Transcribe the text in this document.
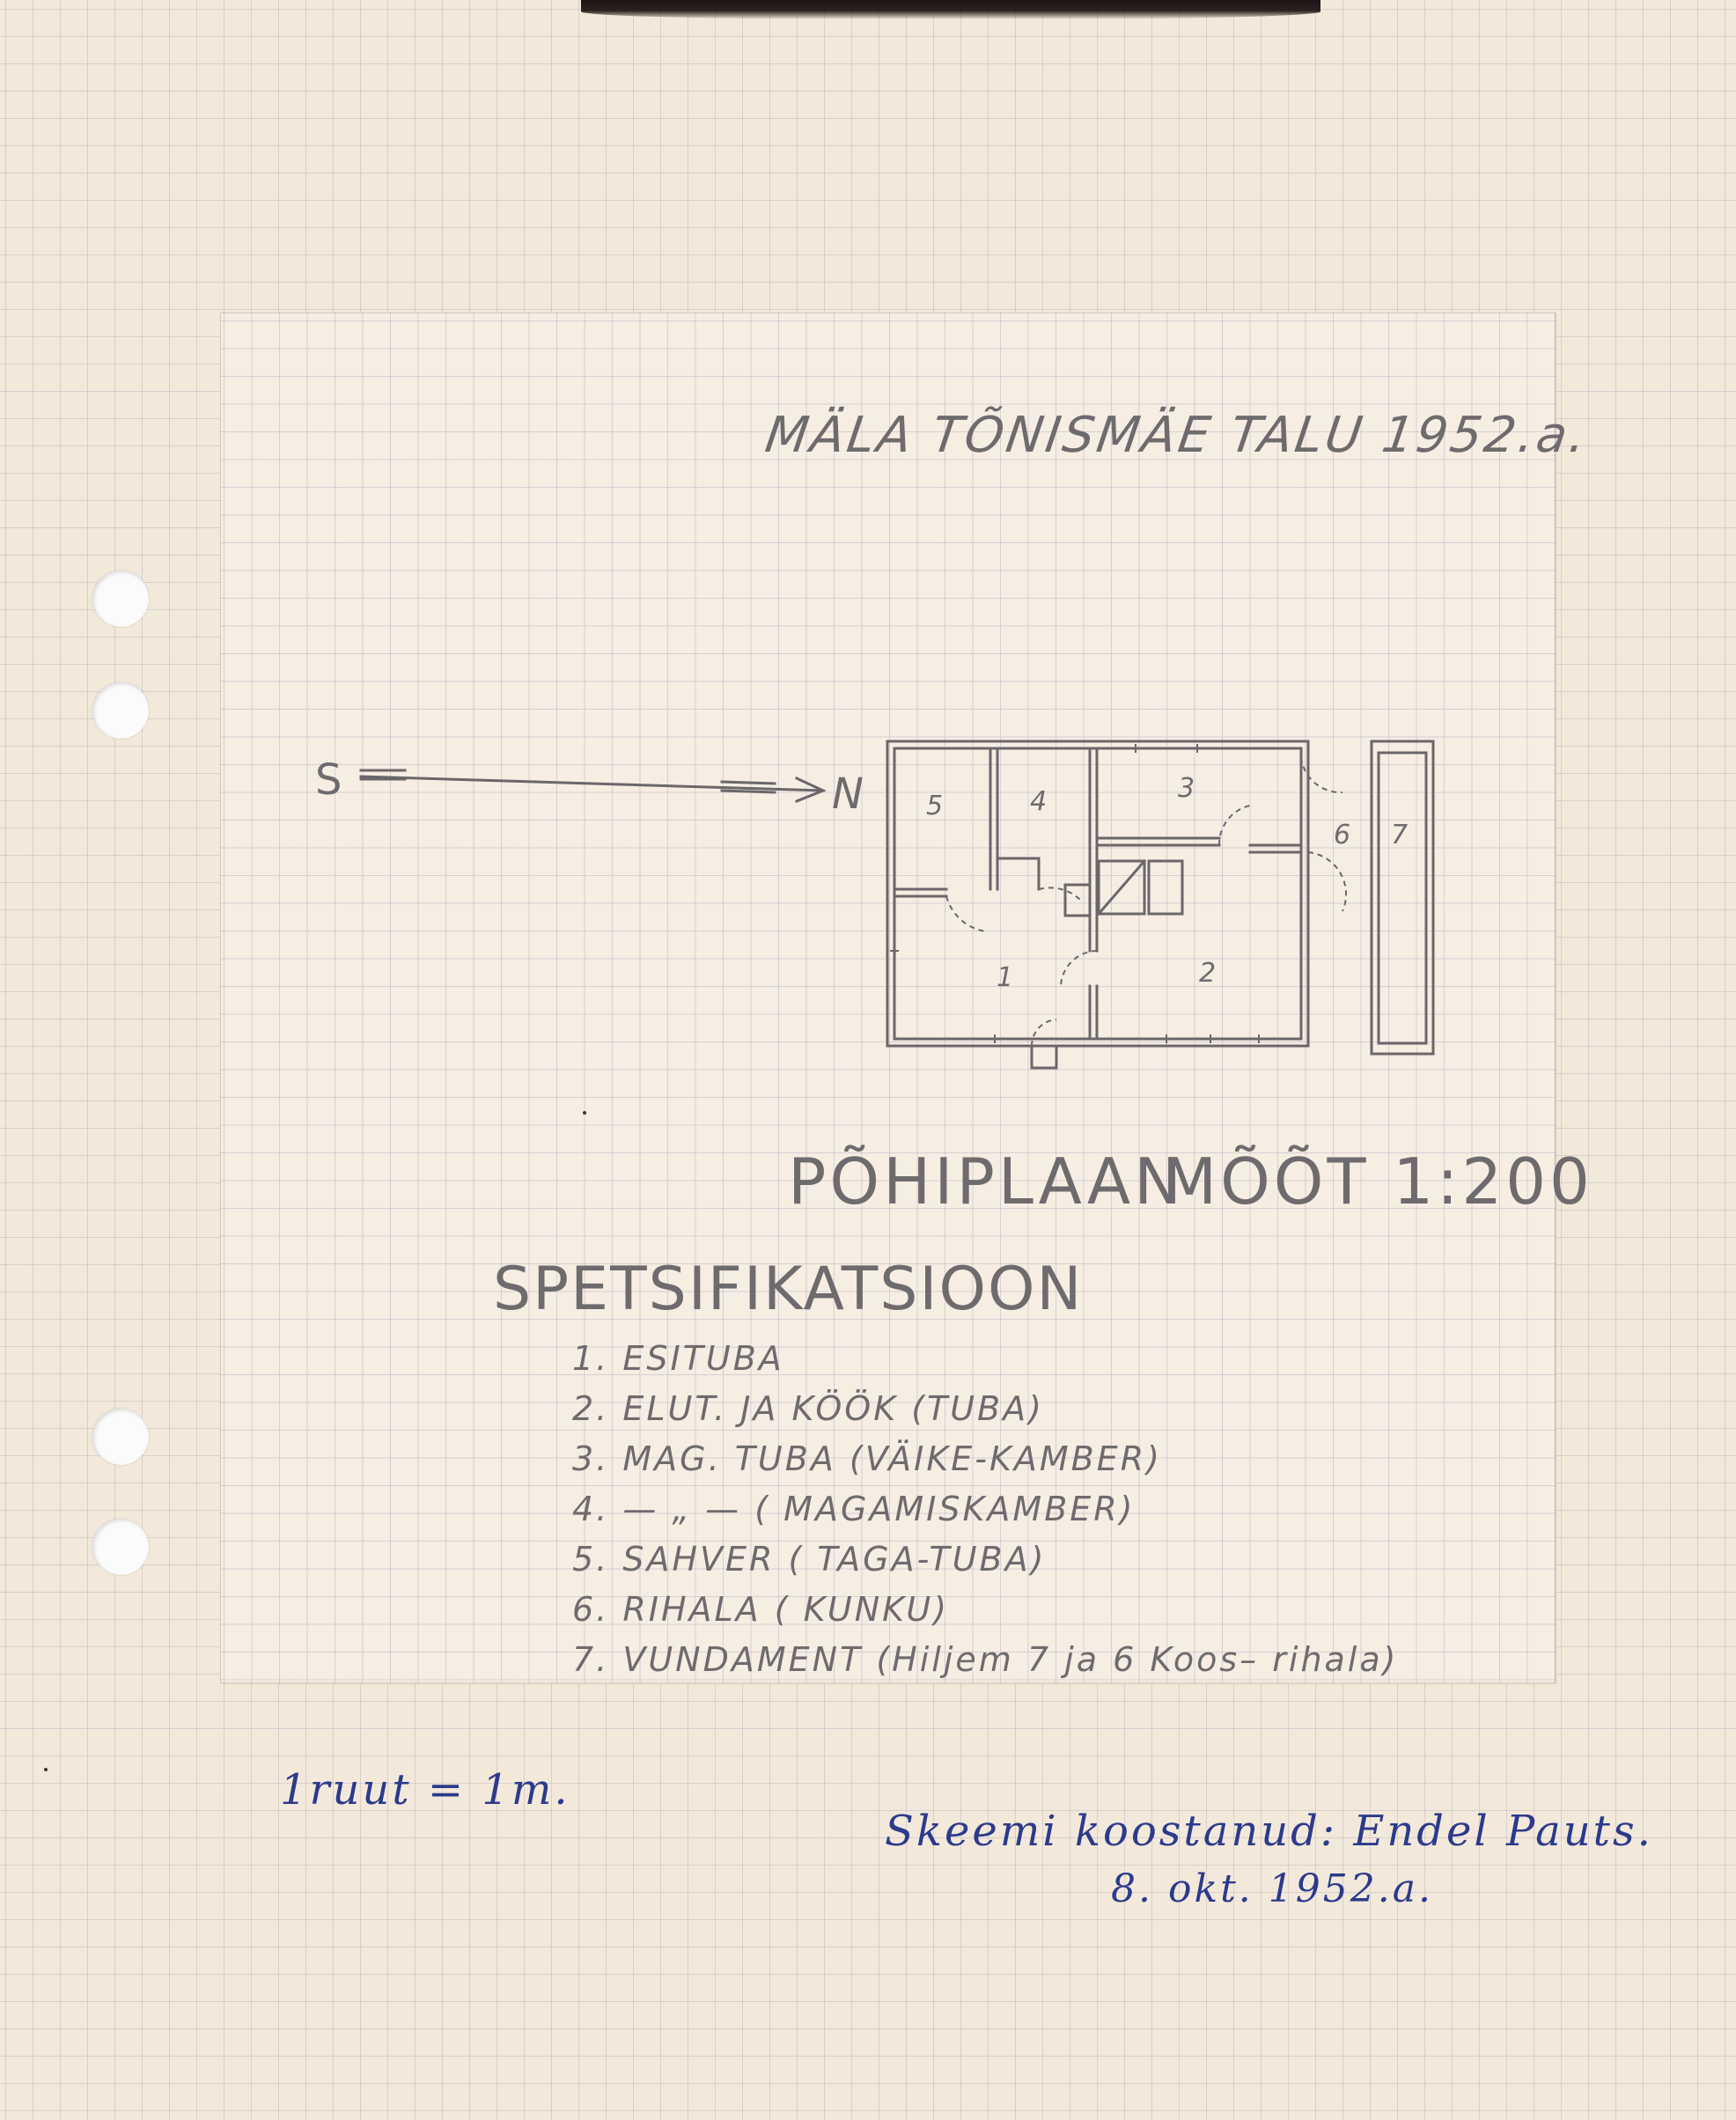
MÄLA TÕNISMÄE TALU 1952.a.
5	4	3
6 7
1	2
S	N
PÕHIPLAAN
MÕÕT 1:200
SPETSIFIKATSIOON
1. ESITUBA
2. ELUT. JA KÖÖK (TUBA)
3. MAG. TUBA (VÄIKE-KAMBER)
4. — „ — ( MAGAMISKAMBER)
5. SAHVER ( TAGA-TUBA)
6. RIHALA ( KUNKU)
7. VUNDAMENT (Hiljem 7 ja 6 Koos– rihala)
1ruut = 1m.
Skeemi koostanud: Endel Pauts.
8. okt. 1952.a.
